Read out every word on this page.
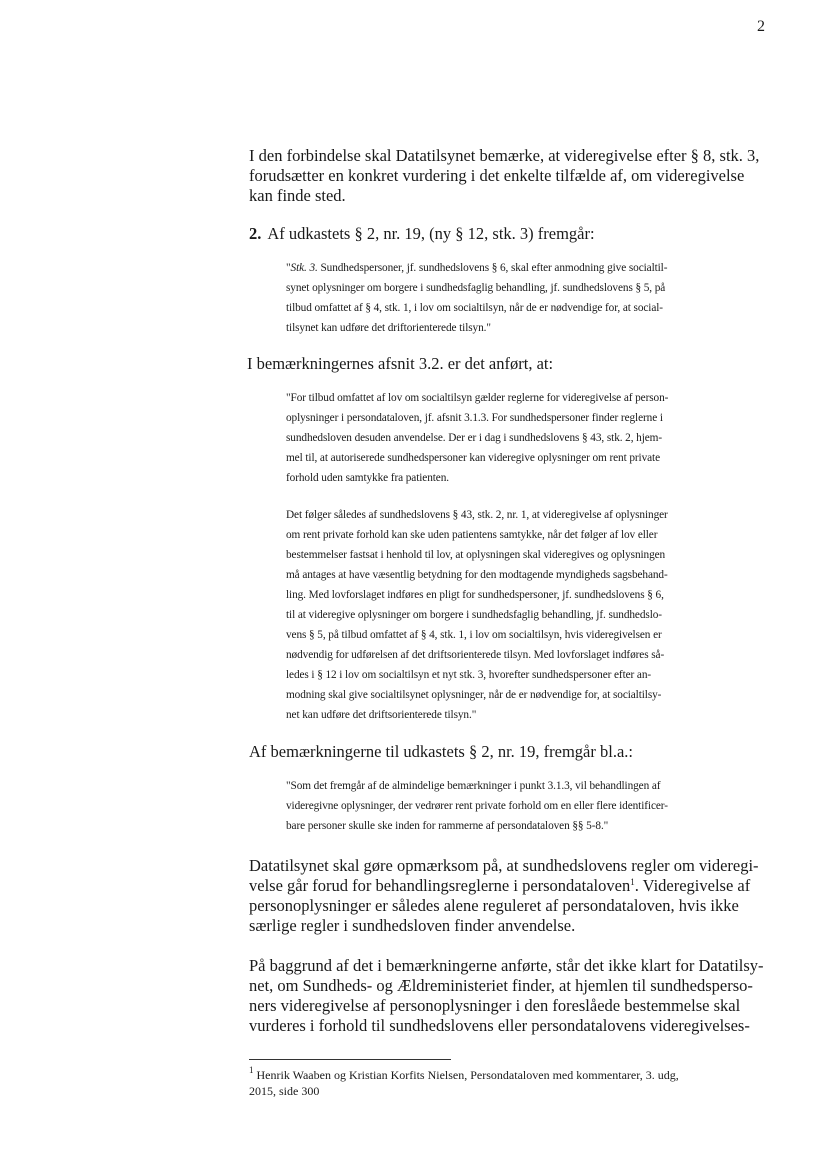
2
I den forbindelse skal Datatilsynet bemærke, at videregivelse efter § 8, stk. 3,
forudsætter en konkret vurdering i det enkelte tilfælde af, om videregivelse
kan finde sted.
2. Af udkastets § 2, nr. 19, (ny § 12, stk. 3) fremgår:
"Stk. 3. Sundhedspersoner, jf. sundhedslovens § 6, skal efter anmodning give socialtil-
synet oplysninger om borgere i sundhedsfaglig behandling, jf. sundhedslovens § 5, på
tilbud omfattet af § 4, stk. 1, i lov om socialtilsyn, når de er nødvendige for, at social-
tilsynet kan udføre det driftorienterede tilsyn."
I bemærkningernes afsnit 3.2. er det anført, at:
"For tilbud omfattet af lov om socialtilsyn gælder reglerne for videregivelse af person-
oplysninger i persondataloven, jf. afsnit 3.1.3. For sundhedspersoner finder reglerne i
sundhedsloven desuden anvendelse. Der er i dag i sundhedslovens § 43, stk. 2, hjem-
mel til, at autoriserede sundhedspersoner kan videregive oplysninger om rent private
forhold uden samtykke fra patienten.
Det følger således af sundhedslovens § 43, stk. 2, nr. 1, at videregivelse af oplysninger
om rent private forhold kan ske uden patientens samtykke, når det følger af lov eller
bestemmelser fastsat i henhold til lov, at oplysningen skal videregives og oplysningen
må antages at have væsentlig betydning for den modtagende myndigheds sagsbehand-
ling. Med lovforslaget indføres en pligt for sundhedspersoner, jf. sundhedslovens § 6,
til at videregive oplysninger om borgere i sundhedsfaglig behandling, jf. sundhedslo-
vens § 5, på tilbud omfattet af § 4, stk. 1, i lov om socialtilsyn, hvis videregivelsen er
nødvendig for udførelsen af det driftsorienterede tilsyn. Med lovforslaget indføres så-
ledes i § 12 i lov om socialtilsyn et nyt stk. 3, hvorefter sundhedspersoner efter an-
modning skal give socialtilsynet oplysninger, når de er nødvendige for, at socialtilsy-
net kan udføre det driftsorienterede tilsyn."
Af bemærkningerne til udkastets § 2, nr. 19, fremgår bl.a.:
"Som det fremgår af de almindelige bemærkninger i punkt 3.1.3, vil behandlingen af
videregivne oplysninger, der vedrører rent private forhold om en eller flere identificer-
bare personer skulle ske inden for rammerne af persondataloven §§ 5-8."
Datatilsynet skal gøre opmærksom på, at sundhedslovens regler om videregi-
velse går forud for behandlingsreglerne i persondataloven$^1$. Videregivelse af
personoplysninger er således alene reguleret af persondataloven, hvis ikke
særlige regler i sundhedsloven finder anvendelse.
På baggrund af det i bemærkningerne anførte, står det ikke klart for Datatilsy-
net, om Sundheds- og Ældreministeriet finder, at hjemlen til sundhedsperso-
ners videregivelse af personoplysninger i den foreslåede bestemmelse skal
vurderes i forhold til sundhedslovens eller persondatalovens videregivelses-
$^1$ Henrik Waaben og Kristian Korfits Nielsen, Persondataloven med kommentarer, 3. udg,
2015, side 300
